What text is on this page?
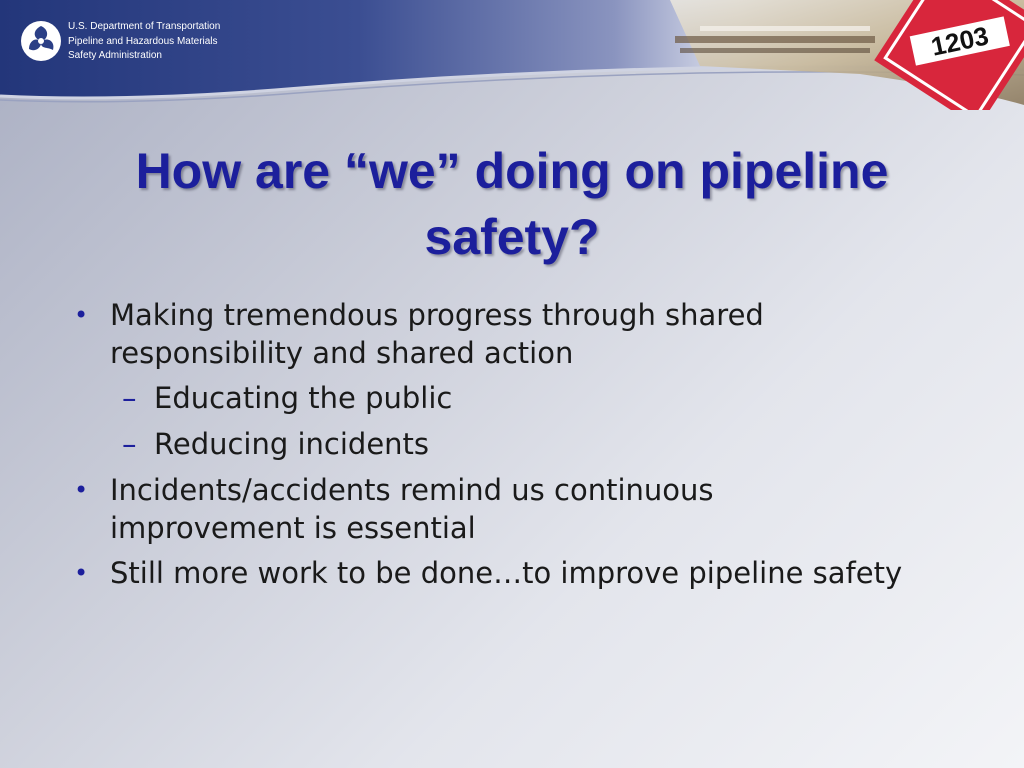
U.S. Department of Transportation
Pipeline and Hazardous Materials
Safety Administration	1203
How are “we” doing on pipeline
safety?
• Making tremendous progress through shared
responsibility and shared action
– Educating the public
– Reducing incidents
• Incidents/accidents remind us continuous
improvement is essential
• Still more work to be done…to improve pipeline safety
